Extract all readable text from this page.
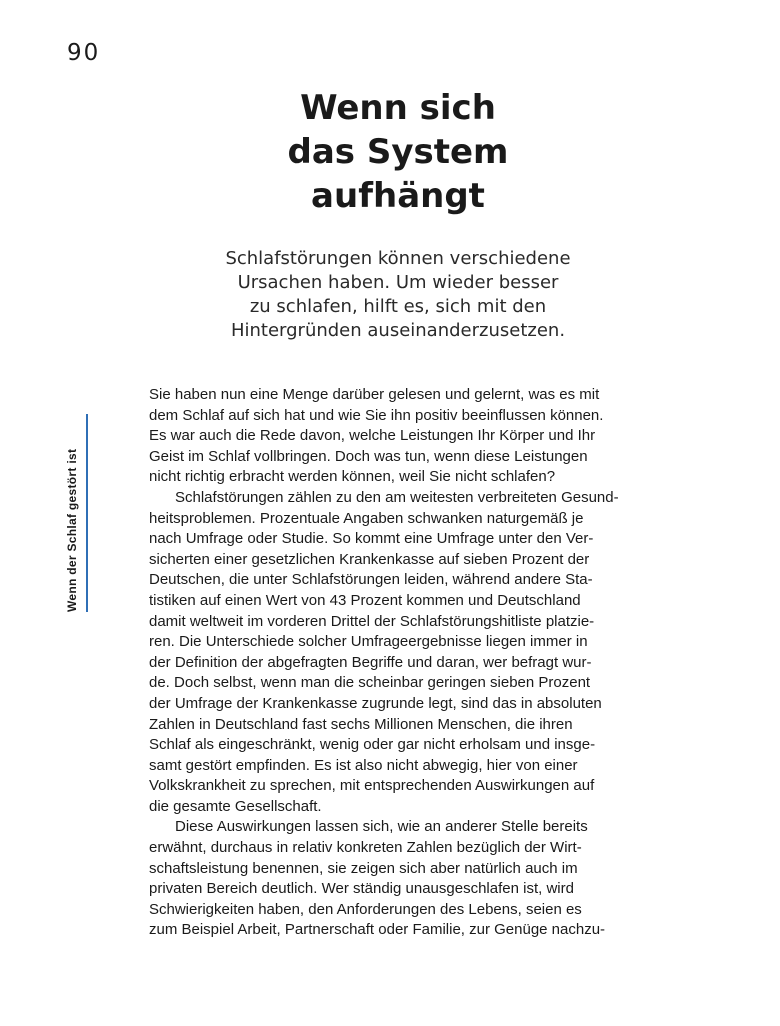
90
Wenn sich
das System
aufhängt
Schlafstörungen können verschiedene
Ursachen haben. Um wieder besser
zu schlafen, hilft es, sich mit den
Hintergründen auseinanderzusetzen.
Wenn der Schlaf gestört ist
Sie haben nun eine Menge darüber gelesen und gelernt, was es mit
dem Schlaf auf sich hat und wie Sie ihn positiv beeinflussen können.
Es war auch die Rede davon, welche Leistungen Ihr Körper und Ihr
Geist im Schlaf vollbringen. Doch was tun, wenn diese Leistungen
nicht richtig erbracht werden können, weil Sie nicht schlafen?
Schlafstörungen zählen zu den am weitesten verbreiteten Gesund-
heitsproblemen. Prozentuale Angaben schwanken naturgemäß je
nach Umfrage oder Studie. So kommt eine Umfrage unter den Ver-
sicherten einer gesetzlichen Krankenkasse auf sieben Prozent der
Deutschen, die unter Schlafstörungen leiden, während andere Sta-
tistiken auf einen Wert von 43 Prozent kommen und Deutschland
damit weltweit im vorderen Drittel der Schlafstörungshitliste platzie-
ren. Die Unterschiede solcher Umfrageergebnisse liegen immer in
der Definition der abgefragten Begriffe und daran, wer befragt wur-
de. Doch selbst, wenn man die scheinbar geringen sieben Prozent
der Umfrage der Krankenkasse zugrunde legt, sind das in absoluten
Zahlen in Deutschland fast sechs Millionen Menschen, die ihren
Schlaf als eingeschränkt, wenig oder gar nicht erholsam und insge-
samt gestört empfinden. Es ist also nicht abwegig, hier von einer
Volkskrankheit zu sprechen, mit entsprechenden Auswirkungen auf
die gesamte Gesellschaft.
Diese Auswirkungen lassen sich, wie an anderer Stelle bereits
erwähnt, durchaus in relativ konkreten Zahlen bezüglich der Wirt-
schaftsleistung benennen, sie zeigen sich aber natürlich auch im
privaten Bereich deutlich. Wer ständig unausgeschlafen ist, wird
Schwierigkeiten haben, den Anforderungen des Lebens, seien es
zum Beispiel Arbeit, Partnerschaft oder Familie, zur Genüge nachzu-
